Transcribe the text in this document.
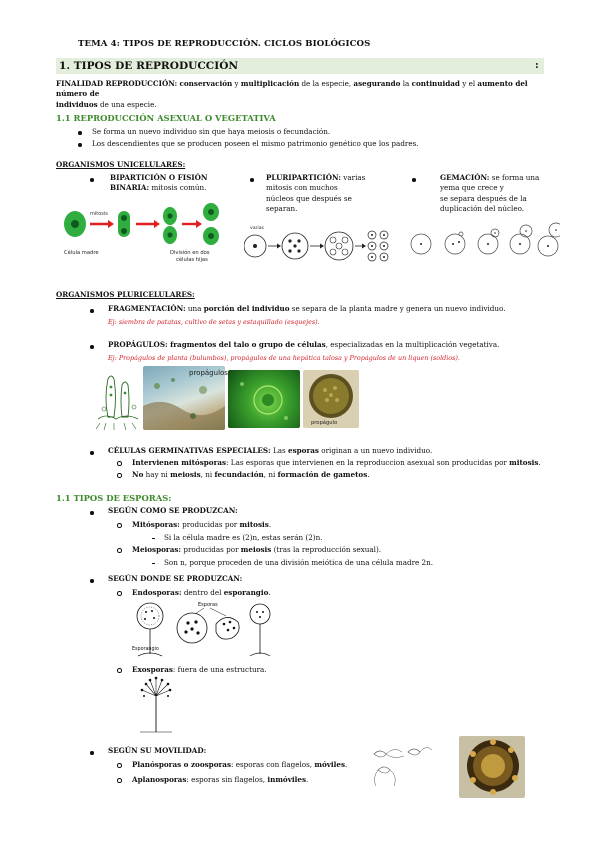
TEMA 4: TIPOS DE REPRODUCCIÓN. CICLOS BIOLÓGICOS
1. TIPOS DE REPRODUCCIÓN	:
FINALIDAD REPRODUCCIÓN: conservación y multiplicación de la especie, asegurando la continuidad y el aumento del número de
individuos de una especie.
1.1 REPRODUCCIÓN ASEXUAL O VEGETATIVA
Se forma un nuevo individuo sin que haya meiosis o fecundación.
Los descendientes que se producen poseen el mismo patrimonio genético que los padres.
ORGANISMOS UNICELULARES:
BIPARTICIÓN O FISIÓN
BINARIA: mitosis común.
PLURIPARTICIÓN: varias
mitosis con muchos
núcleos que después se
separan.
GEMACIÓN: se forma una
yema que crece y
se separa después de la
duplicación del núcleo.
mitosis
Célula madre	División en dos
células hijas
varias
ORGANISMOS PLURICELULARES:
FRAGMENTACIÓN: una porción del individuo se separa de la planta madre y genera un nuevo individuo.
Ej: siembra de patatas, cultivo de setas y estaquillado (esquejes).
PROPÁGULOS: fragmentos del talo o grupo de células, especializadas en la multiplicación vegetativa.
Ej: Propágulos de planta (bulumbos), propágulos de una hepática talosa y Propágulos de un liquen (soldios).
propágulos
propágulo
CÉLULAS GERMINATIVAS ESPECIALES: Las esporas originan a un nuevo individuo.
Intervienen mitósporas: Las esporas que intervienen en la reproduccion asexual son producidas por mitosis.
No hay ni meiosis, ni fecundación, ni formación de gametos.
1.1 TIPOS DE ESPORAS:
SEGÚN COMO SE PRODUZCAN:
Mitósporas: producidas por mitosis.
Si la célula madre es (2)n, estas serán (2)n.
Meiosporas: producidas por meiosis (tras la reproducción sexual).
Son n, porque proceden de una división meiótica de una célula madre 2n.
SEGÚN DONDE SE PRODUZCAN:
Endosporas: dentro del esporangio.
Esporangio
Esporas
Exosporas: fuera de una estructura.
SEGÚN SU MOVILIDAD:
Planósporas o zoosporas: esporas con flagelos, móviles.
Aplanosporas: esporas sin flagelos, inmóviles.
